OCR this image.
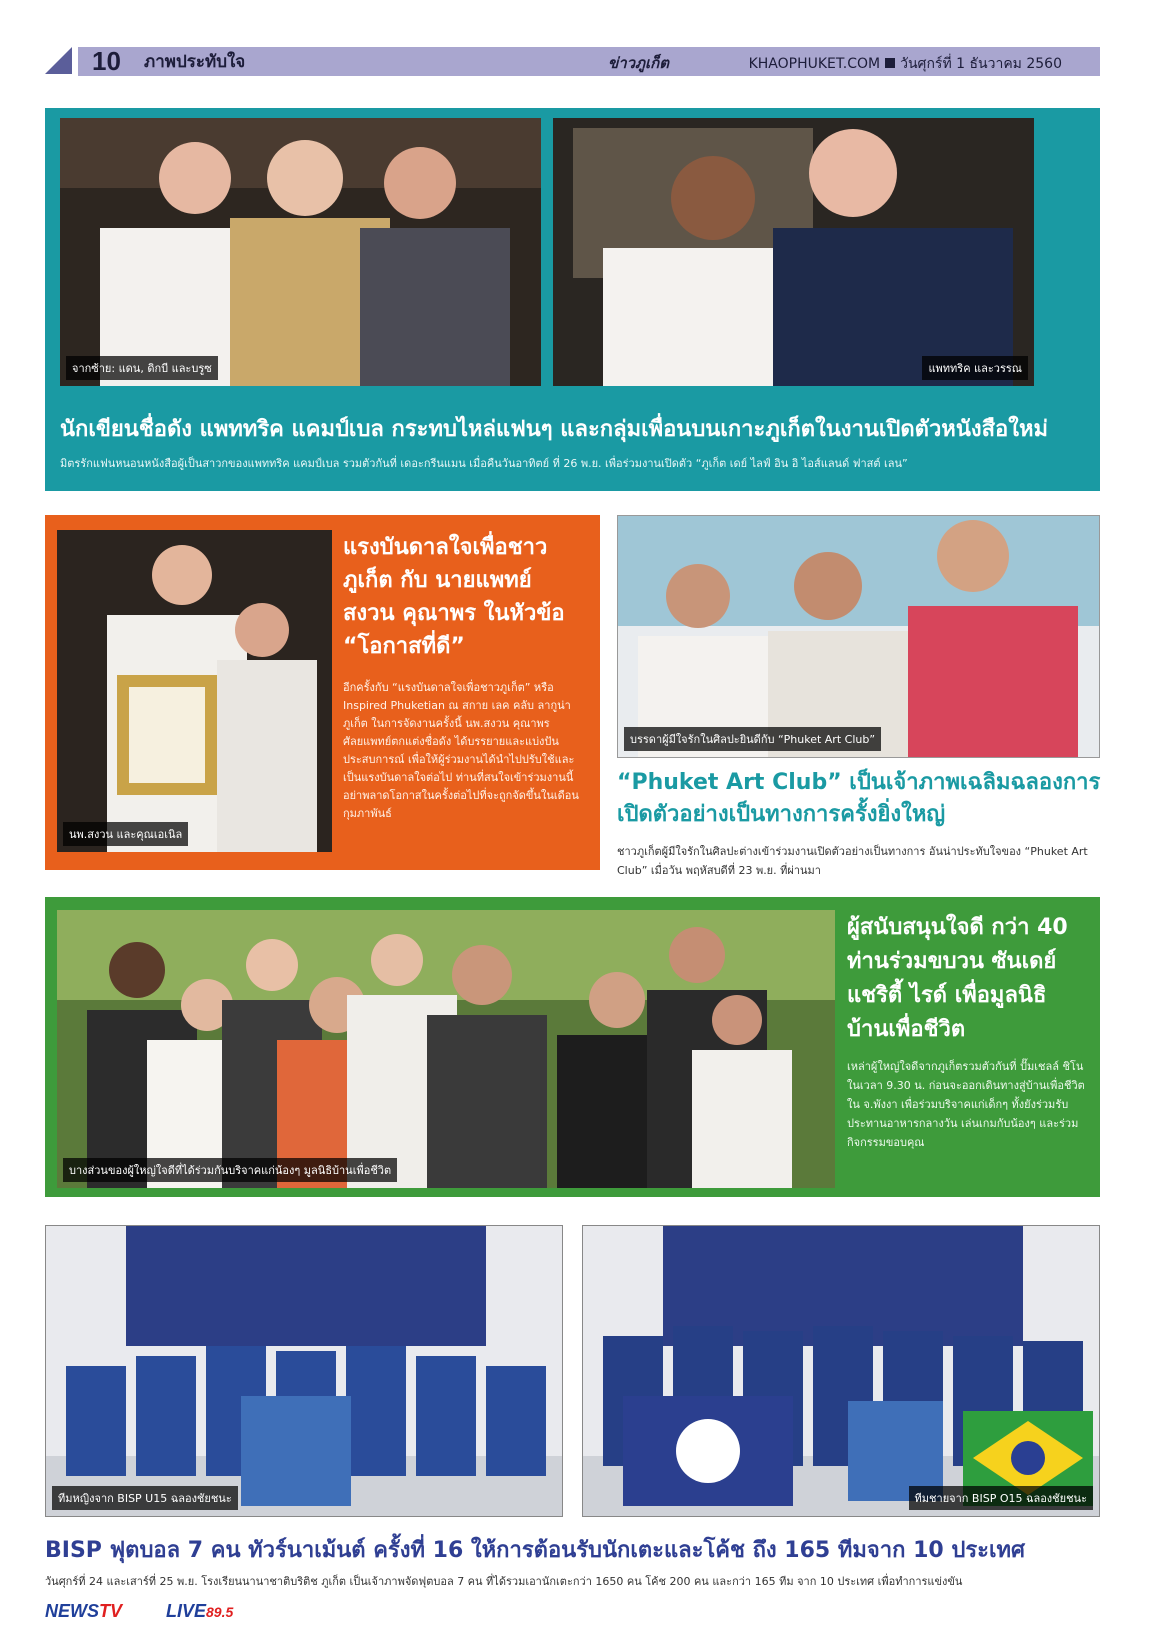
10	ภาพประทับใจ	ข่าวภูเก็ต	KHAOPHUKET.COM วันศุกร์ที่ 1 ธันวาคม 2560
จากซ้าย: แดน, ดิกบี และบรูซ	แพททริค และวรรณ
นักเขียนชื่อดัง แพททริค แคมป์เบล กระทบไหล่แฟนๆ และกลุ่มเพื่อนบนเกาะภูเก็ตในงานเปิดตัวหนังสือใหม่
มิตรรักแฟนหนอนหนังสือผู้เป็นสาวกของแพททริค แคมป์เบล รวมตัวกันที่ เดอะกรีนแมน เมื่อคืนวันอาทิตย์ ที่ 26 พ.ย. เพื่อร่วมงานเปิดตัว “ภูเก็ต เดย์ ไลฟ์ อิน อิ ไอส์แลนด์ ฟาสต์ เลน”
นพ.สงวน และคุณเอเนิล
แรงบันดาลใจเพื่อชาวภูเก็ต กับ นายแพทย์สงวน คุณาพร ในหัวข้อ “โอกาสที่ดี”
อีกครั้งกับ “แรงบันดาลใจเพื่อชาวภูเก็ต” หรือ Inspired Phuketian ณ สกาย เลค คลับ ลากูน่า ภูเก็ต ในการจัดงานครั้งนี้ นพ.สงวน คุณาพร ศัลยแพทย์ตกแต่งชื่อดัง ได้บรรยายและแบ่งปันประสบการณ์ เพื่อให้ผู้ร่วมงานได้นำไปปรับใช้และเป็นแรงบันดาลใจต่อไป ท่านที่สนใจเข้าร่วมงานนี้อย่าพลาดโอกาสในครั้งต่อไปที่จะถูกจัดขึ้นในเดือนกุมภาพันธ์
บรรดาผู้มีใจรักในศิลปะยินดีกับ “Phuket Art Club”
“Phuket Art Club” เป็นเจ้าภาพเฉลิมฉลองการเปิดตัวอย่างเป็นทางการครั้งยิ่งใหญ่
ชาวภูเก็ตผู้มีใจรักในศิลปะต่างเข้าร่วมงานเปิดตัวอย่างเป็นทางการ อันน่าประทับใจของ “Phuket Art Club” เมื่อวัน พฤหัสบดีที่ 23 พ.ย. ที่ผ่านมา
บางส่วนของผู้ใหญ่ใจดีที่ได้ร่วมกันบริจาคแก่น้องๆ มูลนิธิบ้านเพื่อชีวิต
ผู้สนับสนุนใจดี กว่า 40 ท่านร่วมขบวน ซันเดย์ แชริตี้ ไรด์ เพื่อมูลนิธิบ้านเพื่อชีวิต
เหล่าผู้ใหญ่ใจดีจากภูเก็ตรวมตัวกันที่ ปั๊มเชลล์ ชิโน ในเวลา 9.30 น. ก่อนจะออกเดินทางสู่บ้านเพื่อชีวิตใน จ.พังงา เพื่อร่วมบริจาคแก่เด็กๆ ทั้งยังร่วมรับประทานอาหารกลางวัน เล่นเกมกับน้องๆ และร่วมกิจกรรมขอบคุณ
ทีมหญิงจาก BISP U15 ฉลองชัยชนะ	ทีมชายจาก BISP O15 ฉลองชัยชนะ
BISP ฟุตบอล 7 คน ทัวร์นาเม้นต์ ครั้งที่ 16 ให้การต้อนรับนักเตะและโค้ช ถึง 165 ทีมจาก 10 ประเทศ
วันศุกร์ที่ 24 และเสาร์ที่ 25 พ.ย. โรงเรียนนานาชาติบริติช ภูเก็ต เป็นเจ้าภาพจัดฟุตบอล 7 คน ที่ได้รวมเอานักเตะกว่า 1650 คน โค้ช 200 คน และกว่า 165 ทีม จาก 10 ประเทศ เพื่อทำการแข่งขัน
NEWSTV LIVE89.5
